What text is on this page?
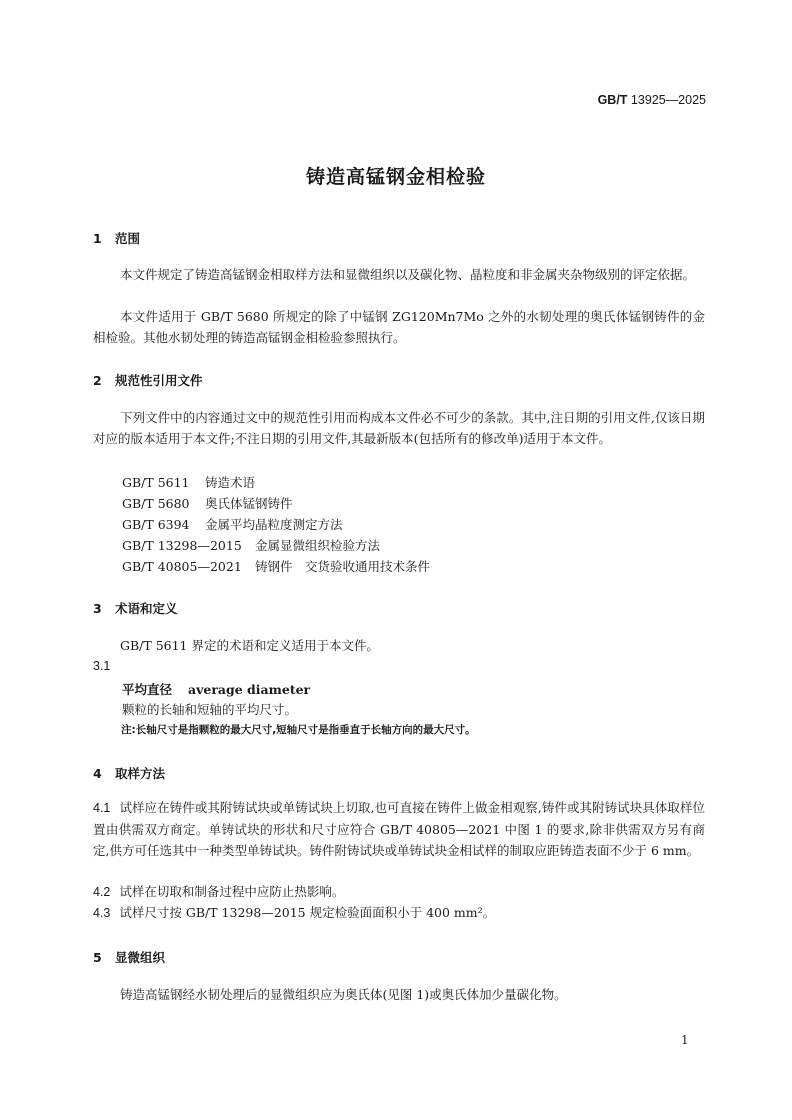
GB/T 13925—2025
铸造高锰钢金相检验
1 范围
本文件规定了铸造高锰钢金相取样方法和显微组织以及碳化物、晶粒度和非金属夹杂物级别的评定依据。
本文件适用于 GB/T 5680 所规定的除了中锰钢 ZG120Mn7Mo 之外的水韧处理的奥氏体锰钢铸件的金相检验。其他水韧处理的铸造高锰钢金相检验参照执行。
2 规范性引用文件
下列文件中的内容通过文中的规范性引用而构成本文件必不可少的条款。其中,注日期的引用文件,仅该日期对应的版本适用于本文件;不注日期的引用文件,其最新版本(包括所有的修改单)适用于本文件。
GB/T 5611 铸造术语
GB/T 5680 奥氏体锰钢铸件
GB/T 6394 金属平均晶粒度测定方法
GB/T 13298—2015 金属显微组织检验方法
GB/T 40805—2021 铸钢件　交货验收通用技术条件
3 术语和定义
GB/T 5611 界定的术语和定义适用于本文件。
3.1
平均直径 average diameter
颗粒的长轴和短轴的平均尺寸。
注:长轴尺寸是指颗粒的最大尺寸,短轴尺寸是指垂直于长轴方向的最大尺寸。
4 取样方法
4.1 试样应在铸件或其附铸试块或单铸试块上切取,也可直接在铸件上做金相观察,铸件或其附铸试块具体取样位置由供需双方商定。单铸试块的形状和尺寸应符合 GB/T 40805—2021 中图 1 的要求,除非供需双方另有商定,供方可任选其中一种类型单铸试块。铸件附铸试块或单铸试块金相试样的制取应距铸造表面不少于 6 mm。
4.2 试样在切取和制备过程中应防止热影响。
4.3 试样尺寸按 GB/T 13298—2015 规定检验面面积小于 400 mm²。
5 显微组织
铸造高锰钢经水韧处理后的显微组织应为奥氏体(见图 1)或奥氏体加少量碳化物。
1
